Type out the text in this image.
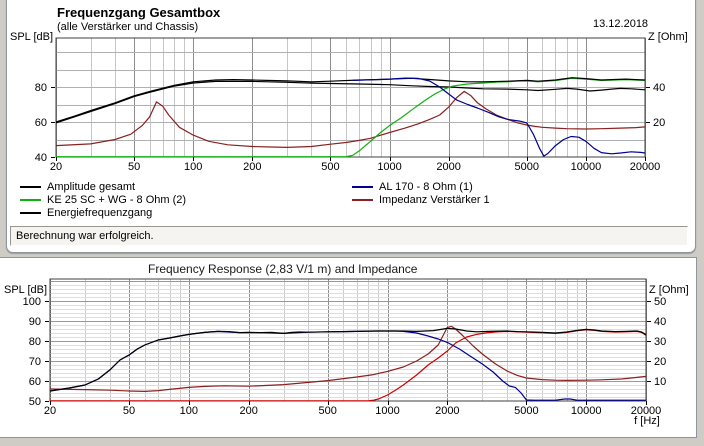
Frequenzgang Gesamtbox
(alle Verstärker und Chassis)	13.12.2018
SPL [dB]	Z [Ohm]
20	50	100	200	500	1000	2000	5000	10000	20000
40
60
80
20
40
Amplitude gesamt
KE 25 SC + WG - 8 Ohm (2)
Energiefrequenzgang
AL 170 - 8 Ohm (1)
Impedanz Verstärker 1
Berechnung war erfolgreich.
Frequency Response (2,83 V/1 m) and Impedance
SPL [dB]	Z [Ohm]
20	50	100	200	500	1000	2000	5000	10000	20000
50
60
70
80
90
100
10
20
30
40
50
f [Hz]
